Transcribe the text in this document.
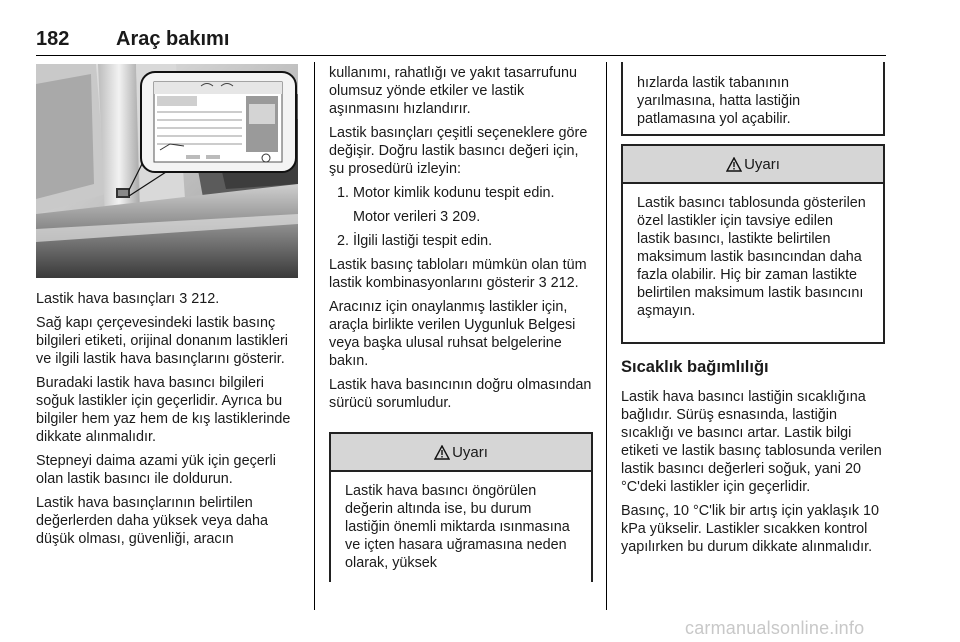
182 Araç bakımı

Lastik hava basınçları 3 212.

Sağ kapı çerçevesindeki lastik basınç bilgileri etiketi, orijinal donanım lastikleri ve ilgili lastik hava basınçlarını gösterir.

Buradaki lastik hava basıncı bilgileri soğuk lastikler için geçerlidir. Ayrıca bu bilgiler hem yaz hem de kış lastiklerinde dikkate alınmalıdır.

Stepneyi daima azami yük için geçerli olan lastik basıncı ile doldurun.

Lastik hava basınçlarının belirtilen değerlerden daha yüksek veya daha düşük olması, güvenliği, aracın

kullanımı, rahatlığı ve yakıt tasarrufunu olumsuz yönde etkiler ve lastik aşınmasını hızlandırır.

Lastik basınçları çeşitli seçeneklere göre değişir. Doğru lastik basıncı değeri için, şu prosedürü izleyin:

1. Motor kimlik kodunu tespit edin.
Motor verileri 3 209.
2. İlgili lastiği tespit edin.

Lastik basınç tabloları mümkün olan tüm lastik kombinasyonlarını gösterir 3 212.

Aracınız için onaylanmış lastikler için, araçla birlikte verilen Uygunluk Belgesi veya başka ulusal ruhsat belgelerine bakın.

Lastik hava basıncının doğru olmasından sürücü sorumludur.

Uyarı
Lastik hava basıncı öngörülen değerin altında ise, bu durum lastiğin önemli miktarda ısınmasına ve içten hasara uğramasına neden olarak, yüksek
hızlarda lastik tabanının yarılmasına, hatta lastiğin patlamasına yol açabilir.
Uyarı
Lastik basıncı tablosunda gösterilen özel lastikler için tavsiye edilen lastik basıncı, lastikte belirtilen maksimum lastik basıncından daha fazla olabilir. Hiç bir zaman lastikte belirtilen maksimum lastik basıncını aşmayın.
Sıcaklık bağımlılığı

Lastik hava basıncı lastiğin sıcaklığına bağlıdır. Sürüş esnasında, lastiğin sıcaklığı ve basıncı artar. Lastik bilgi etiketi ve lastik basınç tablosunda verilen lastik basıncı değerleri soğuk, yani 20 °C'deki lastikler için geçerlidir.

Basınç, 10 °C'lik bir artış için yaklaşık 10 kPa yükselir. Lastikler sıcakken kontrol yapılırken bu durum dikkate alınmalıdır.

carmanualsonline.info
